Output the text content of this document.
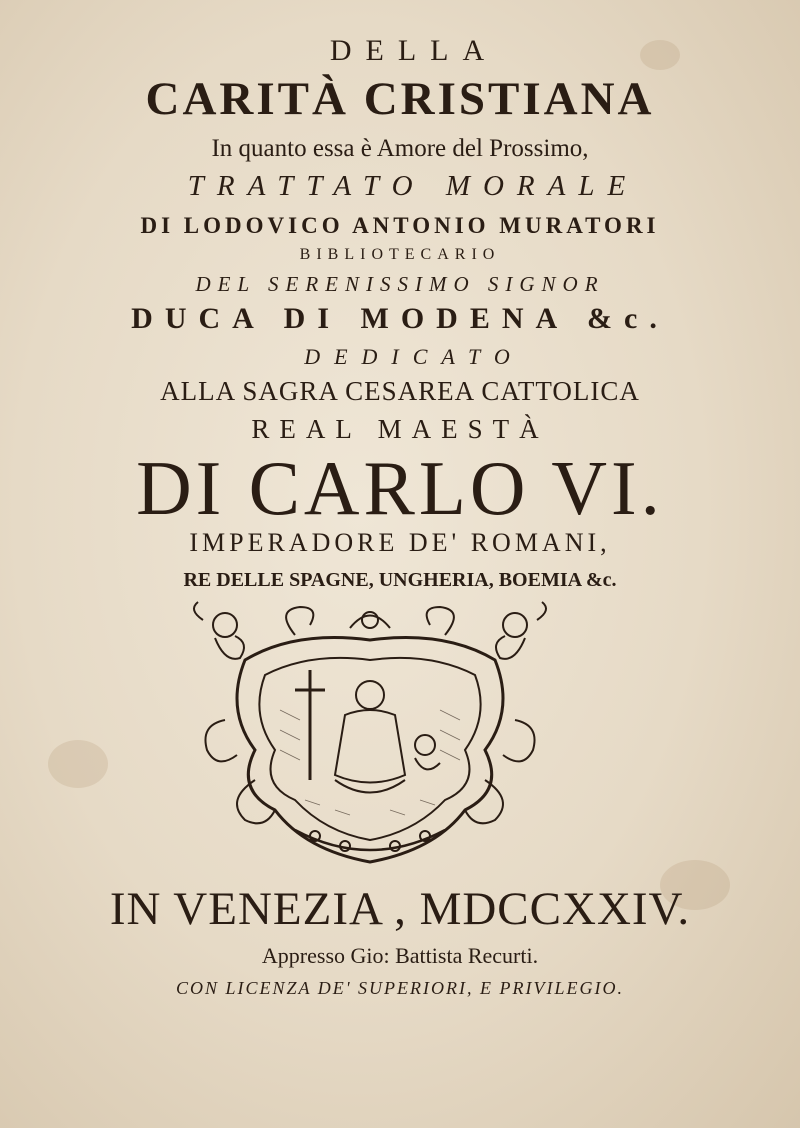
DELLA
CARITÀ CRISTIANA
In quanto essa è Amore del Prossimo,
TRATTATO MORALE
DI LODOVICO ANTONIO MURATORI
BIBLIOTECARIO
DEL SERENISSIMO SIGNOR
DUCA DI MODENA &c.
DEDICATO
ALLA SAGRA CESAREA CATTOLICA
REAL MAESTÀ
DI CARLO VI.
IMPERADORE DE' ROMANI,
RE DELLE SPAGNE, UNGHERIA, BOEMIA &c.
IN VENEZIA , MDCCXXIV.
Appresso Gio: Battista Recurti.
CON LICENZA DE' SUPERIORI, E PRIVILEGIO.
